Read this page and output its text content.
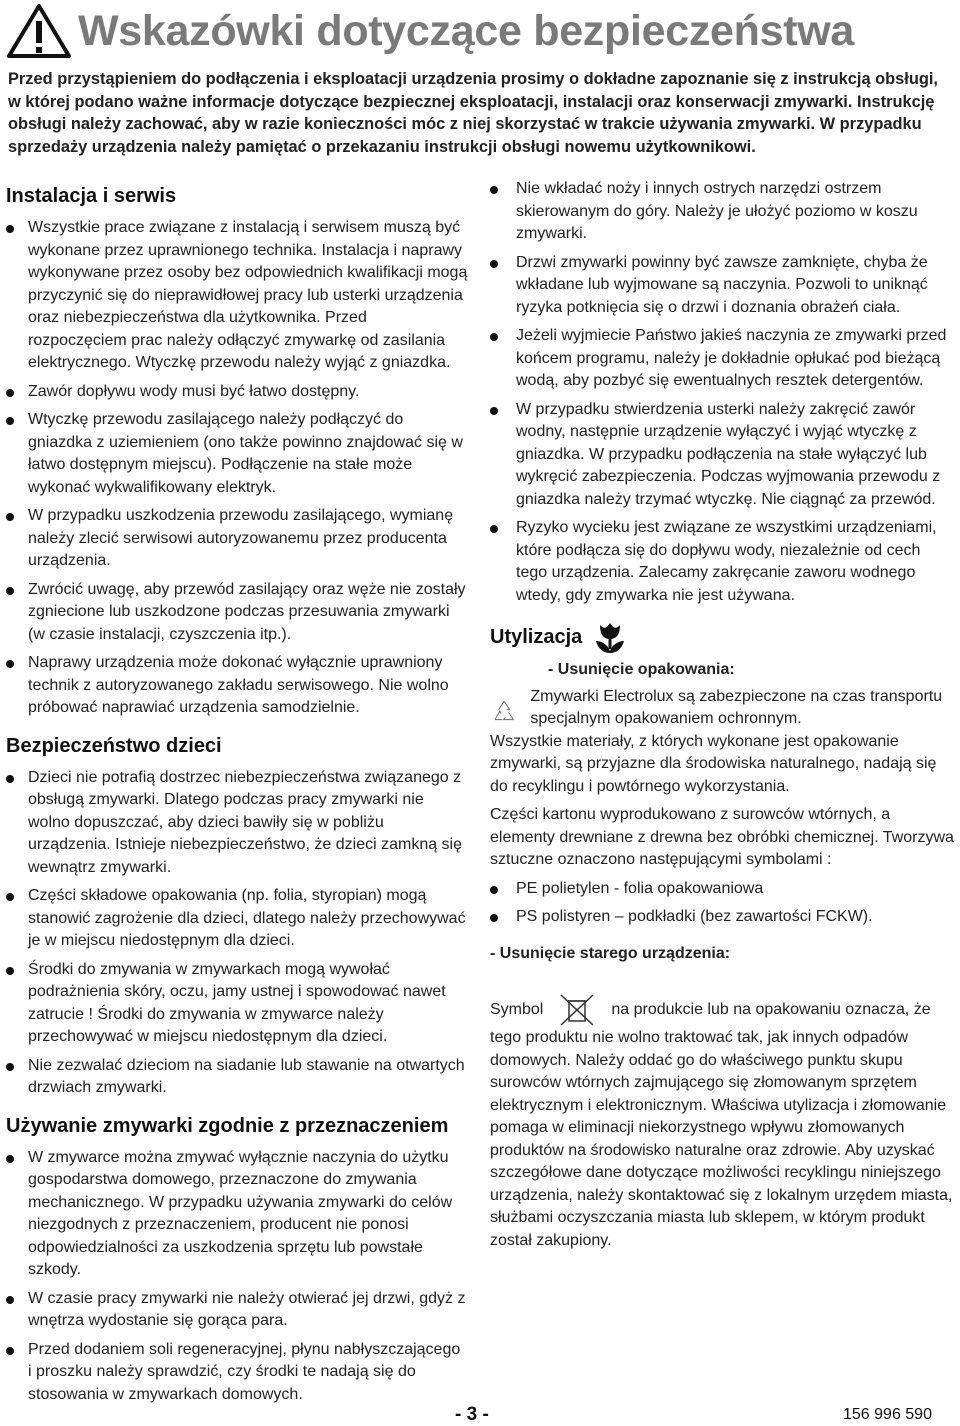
Wskazówki dotyczące bezpieczeństwa
Przed przystąpieniem do podłączenia i eksploatacji urządzenia prosimy o dokładne zapoznanie się z instrukcją obsługi, w której podano ważne informacje dotyczące bezpiecznej eksploatacji, instalacji oraz konserwacji zmywarki. Instrukcję obsługi należy zachować, aby w razie konieczności móc z niej skorzystać w trakcie używania zmywarki. W przypadku sprzedaży urządzenia należy pamiętać o przekazaniu instrukcji obsługi nowemu użytkownikowi.
Instalacja i serwis
Wszystkie prace związane z instalacją i serwisem muszą być wykonane przez uprawnionego technika. Instalacja i naprawy wykonywane przez osoby bez odpowiednich kwalifikacji mogą przyczynić się do nieprawidłowej pracy lub usterki urządzenia oraz niebezpieczeństwa dla użytkownika. Przed rozpoczęciem prac należy odłączyć zmywarkę od zasilania elektrycznego. Wtyczkę przewodu należy wyjąć z gniazdka.
Zawór dopływu wody musi być łatwo dostępny.
Wtyczkę przewodu zasilającego należy podłączyć do gniazdka z uziemieniem (ono także powinno znajdować się w łatwo dostępnym miejscu). Podłączenie na stałe może wykonać wykwalifikowany elektryk.
W przypadku uszkodzenia przewodu zasilającego, wymianę należy zlecić serwisowi autoryzowanemu przez producenta urządzenia.
Zwrócić uwagę, aby przewód zasilający oraz węże nie zostały zgniecione lub uszkodzone podczas przesuwania zmywarki (w czasie instalacji, czyszczenia itp.).
Naprawy urządzenia może dokonać wyłącznie uprawniony technik z autoryzowanego zakładu serwisowego. Nie wolno próbować naprawiać urządzenia samodzielnie.
Bezpieczeństwo dzieci
Dzieci nie potrafią dostrzec niebezpieczeństwa związanego z obsługą zmywarki. Dlatego podczas pracy zmywarki nie wolno dopuszczać, aby dzieci bawiły się w pobliżu urządzenia. Istnieje niebezpieczeństwo, że dzieci zamkną się wewnątrz zmywarki.
Części składowe opakowania (np. folia, styropian) mogą stanowić zagrożenie dla dzieci, dlatego należy przechowywać je w miejscu niedostępnym dla dzieci.
Środki do zmywania w zmywarkach mogą wywołać podrażnienia skóry, oczu, jamy ustnej i spowodować nawet zatrucie ! Środki do zmywania w zmywarce należy przechowywać w miejscu niedostępnym dla dzieci.
Nie zezwalać dzieciom na siadanie lub stawanie na otwartych drzwiach zmywarki.
Używanie zmywarki zgodnie z przeznaczeniem
W zmywarce można zmywać wyłącznie naczynia do użytku gospodarstwa domowego, przeznaczone do zmywania mechanicznego. W przypadku używania zmywarki do celów niezgodnych z przeznaczeniem, producent nie ponosi odpowiedzialności za uszkodzenia sprzętu lub powstałe szkody.
W czasie pracy zmywarki nie należy otwierać jej drzwi, gdyż z wnętrza wydostanie się gorąca para.
Przed dodaniem soli regeneracyjnej, płynu nabłyszczającego i proszku należy sprawdzić, czy środki te nadają się do stosowania w zmywarkach domowych.
Nie wkładać noży i innych ostrych narzędzi ostrzem skierowanym do góry. Należy je ułożyć poziomo w koszu zmywarki.
Drzwi zmywarki powinny być zawsze zamknięte, chyba że wkładane lub wyjmowane są naczynia. Pozwoli to uniknąć ryzyka potknięcia się o drzwi i doznania obrażeń ciała.
Jeżeli wyjmiecie Państwo jakieś naczynia ze zmywarki przed końcem programu, należy je dokładnie opłukać pod bieżącą wodą, aby pozbyć się ewentualnych resztek detergentów.
W przypadku stwierdzenia usterki należy zakręcić zawór wodny, następnie urządzenie wyłączyć i wyjąć wtyczkę z gniazdka. W przypadku podłączenia na stałe wyłączyć lub wykręcić zabezpieczenia. Podczas wyjmowania przewodu z gniazdka należy trzymać wtyczkę. Nie ciągnąć za przewód.
Ryzyko wycieku jest związane ze wszystkimi urządzeniami, które podłącza się do dopływu wody, niezależnie od cech tego urządzenia. Zalecamy zakręcanie zaworu wodnego wtedy, gdy zmywarka nie jest używana.
Utylizacja
- Usunięcie opakowania:

Zmywarki Electrolux są zabezpieczone na czas transportu specjalnym opakowaniem ochronnym.

Wszystkie materiały, z których wykonane jest opakowanie zmywarki, są przyjazne dla środowiska naturalnego, nadają się do recyklingu i powtórnego wykorzystania.

Części kartonu wyprodukowano z surowców wtórnych, a elementy drewniane z drewna bez obróbki chemicznej. Tworzywa sztuczne oznaczono następującymi symbolami :

PE polietylen - folia opakowaniowa
PS polistyren – podkładki (bez zawartości FCKW).
- Usunięcie starego urządzenia:
Symbol	na produkcie lub na opakowaniu oznacza, że

tego produktu nie wolno traktować tak, jak innych odpadów domowych. Należy oddać go do właściwego punktu skupu surowców wtórnych zajmującego się złomowanym sprzętem elektrycznym i elektronicznym. Właściwa utylizacja i złomowanie pomaga w eliminacji niekorzystnego wpływu złomowanych produktów na środowisko naturalne oraz zdrowie. Aby uzyskać szczegółowe dane dotyczące możliwości recyklingu niniejszego urządzenia, należy skontaktować się z lokalnym urzędem miasta, służbami oczyszczania miasta lub sklepem, w którym produkt został zakupiony.

- 3 -	156 996 590
